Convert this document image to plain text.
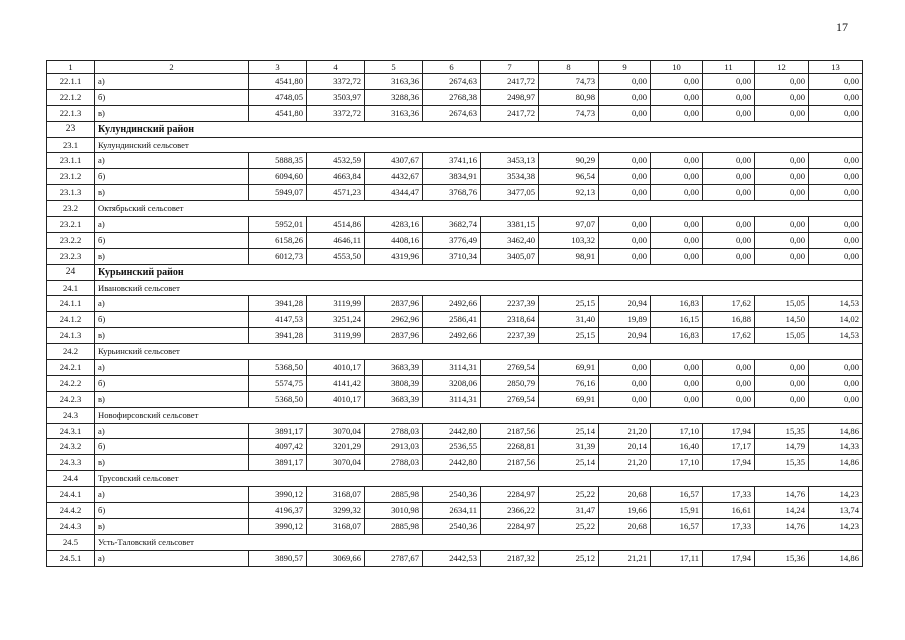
17
1	2	3	4	5	6	7	8	9	10	11	12	13
22.1.1	а)	4541,80	3372,72	3163,36	2674,63	2417,72	74,73	0,00	0,00	0,00	0,00	0,00
22.1.2	б)	4748,05	3503,97	3288,36	2768,38	2498,97	80,98	0,00	0,00	0,00	0,00	0,00
22.1.3	в)	4541,80	3372,72	3163,36	2674,63	2417,72	74,73	0,00	0,00	0,00	0,00	0,00
23	Кулундинский район											
23.1	Кулундинский сельсовет											
23.1.1	а)	5888,35	4532,59	4307,67	3741,16	3453,13	90,29	0,00	0,00	0,00	0,00	0,00
23.1.2	б)	6094,60	4663,84	4432,67	3834,91	3534,38	96,54	0,00	0,00	0,00	0,00	0,00
23.1.3	в)	5949,07	4571,23	4344,47	3768,76	3477,05	92,13	0,00	0,00	0,00	0,00	0,00
23.2	Октябрьский сельсовет											
23.2.1	а)	5952,01	4514,86	4283,16	3682,74	3381,15	97,07	0,00	0,00	0,00	0,00	0,00
23.2.2	б)	6158,26	4646,11	4408,16	3776,49	3462,40	103,32	0,00	0,00	0,00	0,00	0,00
23.2.3	в)	6012,73	4553,50	4319,96	3710,34	3405,07	98,91	0,00	0,00	0,00	0,00	0,00
24	Курьинский район											
24.1	Ивановский сельсовет											
24.1.1	а)	3941,28	3119,99	2837,96	2492,66	2237,39	25,15	20,94	16,83	17,62	15,05	14,53
24.1.2	б)	4147,53	3251,24	2962,96	2586,41	2318,64	31,40	19,89	16,15	16,88	14,50	14,02
24.1.3	в)	3941,28	3119,99	2837,96	2492,66	2237,39	25,15	20,94	16,83	17,62	15,05	14,53
24.2	Курьинский сельсовет											
24.2.1	а)	5368,50	4010,17	3683,39	3114,31	2769,54	69,91	0,00	0,00	0,00	0,00	0,00
24.2.2	б)	5574,75	4141,42	3808,39	3208,06	2850,79	76,16	0,00	0,00	0,00	0,00	0,00
24.2.3	в)	5368,50	4010,17	3683,39	3114,31	2769,54	69,91	0,00	0,00	0,00	0,00	0,00
24.3	Новофирсовский сельсовет											
24.3.1	а)	3891,17	3070,04	2788,03	2442,80	2187,56	25,14	21,20	17,10	17,94	15,35	14,86
24.3.2	б)	4097,42	3201,29	2913,03	2536,55	2268,81	31,39	20,14	16,40	17,17	14,79	14,33
24.3.3	в)	3891,17	3070,04	2788,03	2442,80	2187,56	25,14	21,20	17,10	17,94	15,35	14,86
24.4	Трусовский сельсовет											
24.4.1	а)	3990,12	3168,07	2885,98	2540,36	2284,97	25,22	20,68	16,57	17,33	14,76	14,23
24.4.2	б)	4196,37	3299,32	3010,98	2634,11	2366,22	31,47	19,66	15,91	16,61	14,24	13,74
24.4.3	в)	3990,12	3168,07	2885,98	2540,36	2284,97	25,22	20,68	16,57	17,33	14,76	14,23
24.5	Усть-Таловский сельсовет											
24.5.1	а)	3890,57	3069,66	2787,67	2442,53	2187,32	25,12	21,21	17,11	17,94	15,36	14,86
